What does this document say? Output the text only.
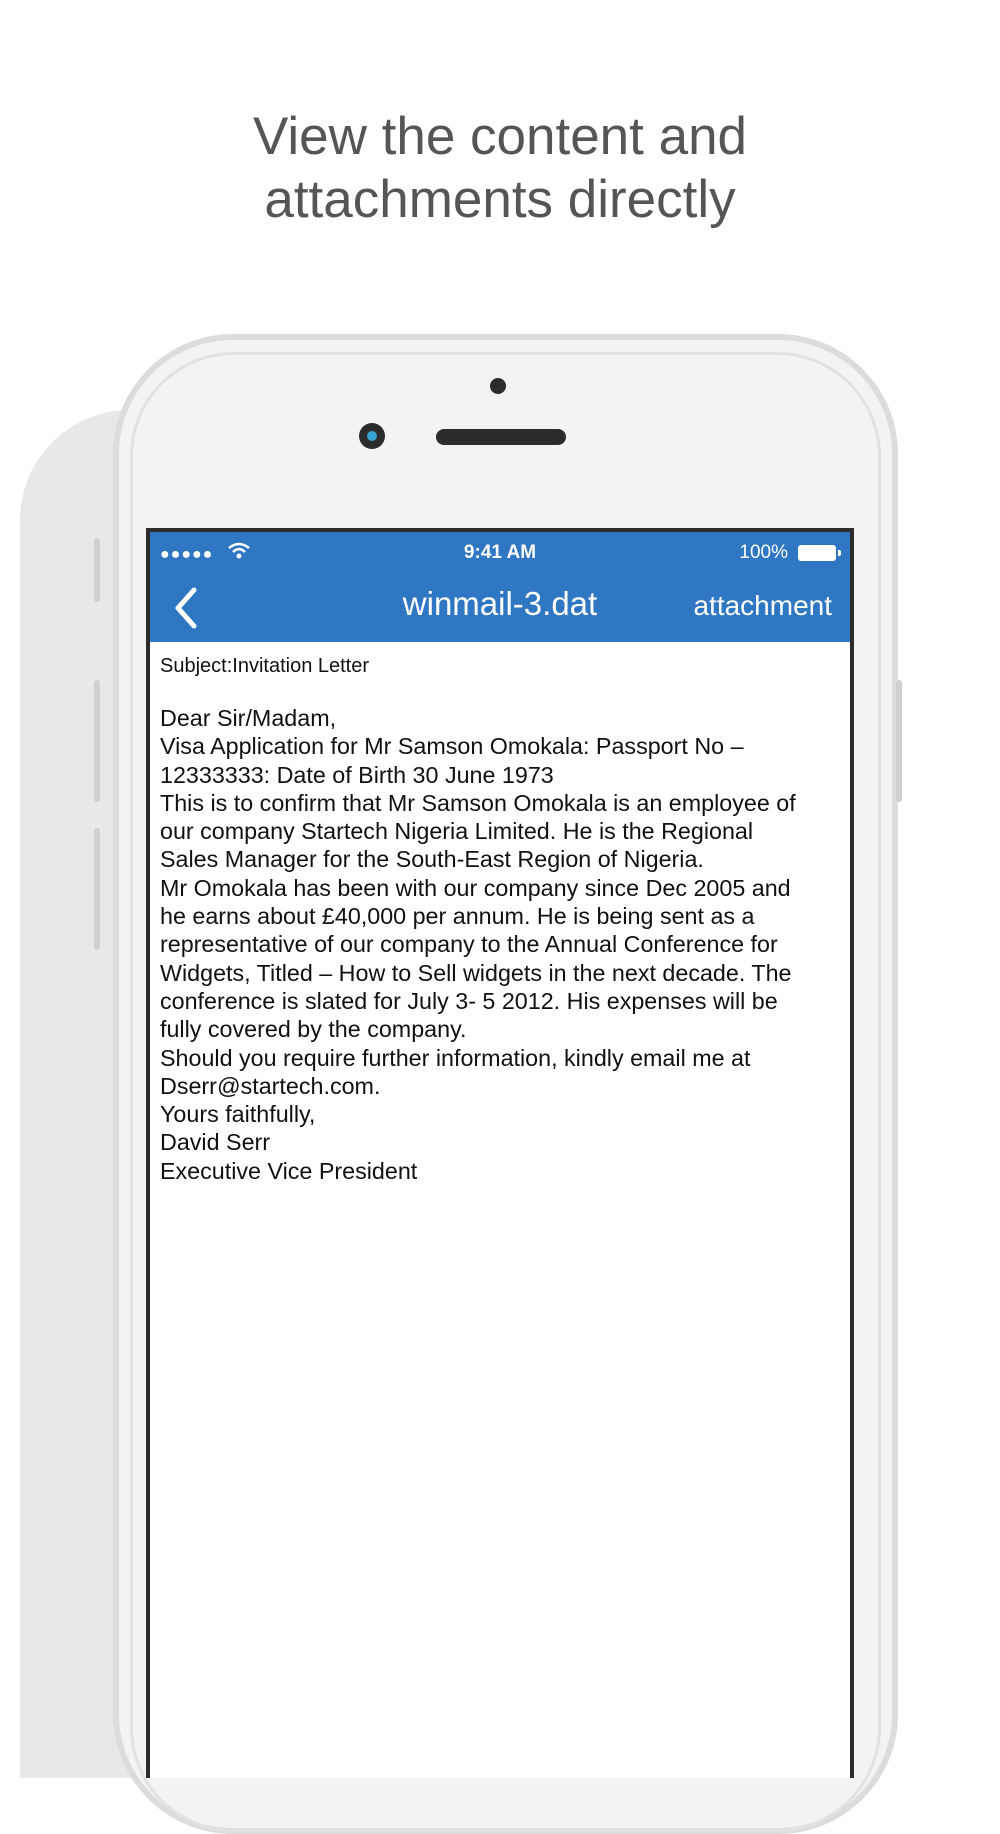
View the content and
attachments directly
●●●●●	9:41 AM	100%
winmail-3.dat	attachment
Subject:Invitation Letter
Dear Sir/Madam,
Visa Application for Mr Samson Omokala: Passport No –
12333333: Date of Birth 30 June 1973
This is to confirm that Mr Samson Omokala is an employee of
our company Startech Nigeria Limited. He is the Regional
Sales Manager for the South-East Region of Nigeria.
Mr Omokala has been with our company since Dec 2005 and
he earns about £40,000 per annum. He is being sent as a
representative of our company to the Annual Conference for
Widgets, Titled – How to Sell widgets in the next decade. The
conference is slated for July 3- 5 2012. His expenses will be
fully covered by the company.
Should you require further information, kindly email me at
Dserr@startech.com.
Yours faithfully,
David Serr
Executive Vice President
